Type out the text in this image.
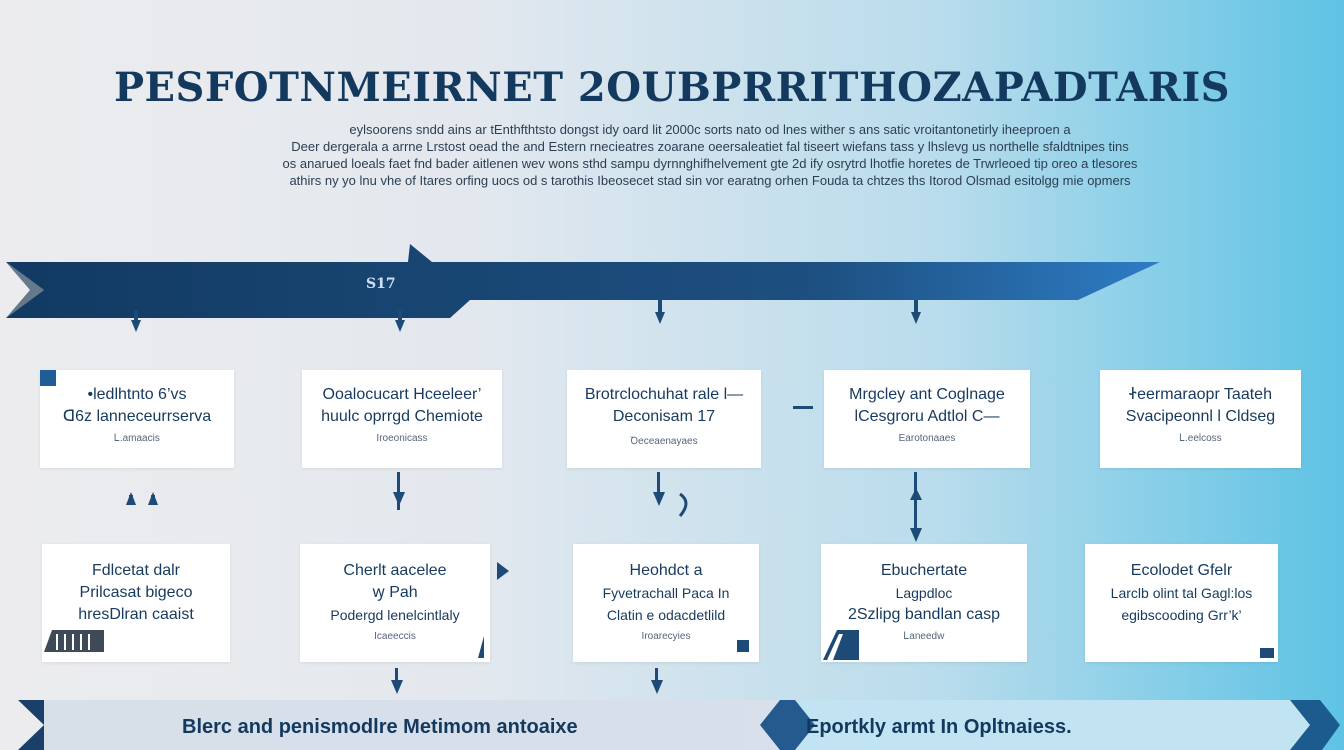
PESFOTNMEIRNET 2OUBPRRITHOZAPADTARIS
eylsoorens sndd ains ar tEnthfthtsto dongst idy oard lit 2000c sorts nato od lnes wither s ans satic vroitantonetirly iheeproen a
Deer dergerala a arrne Lrstost oead the and Estern rnecieatres zoarane oeersaleatiet fal tiseert wiefans tass y lhslevg us northelle sfaldtnipes tins
os anarued loeals faet fnd bader aitlenen wev wons sthd sampu dyrnnghifhelvement gte 2d ify osrytrd lhotfie horetes de Trwrleoed tip oreo a tlesores
athirs ny yo lnu vhe of Itares orfing uocs od s tarothis Ibeosecet stad sin vor earatng orhen Fouda ta chtzes ths Itorod Olsmad esitolgg mie opmers
Ѕ17
•ledlhtnto 6’vs
ꓷ6z lanneceurrserva
Ꮮ.amaacis
Ooalocucart Hceeleer’
huulc oprrgd Chemiote
Iroeonicass
Brotrclochuhat rale l—
Deconisam 17
Ꝺeceaenayaes
Mrgcley ant Coglnage
lCesgroru Adtlol C—
Earotonaaes
Ꮠeermaraopr Taateh
Svacipeonnl l Cldseg
Ꮮ.eelcoss
Fdlcetat dalr
Prilcasat bigeco
hresDlran caaist
Cherlt aacelee
ꝡ Pah
Podergd lenelcintlaly
Icaeeccis
Heohdct a
Fyvetrachall Paca In
Clatin e odacdetlild
Iroarecyies
Ebuchertate
Lagpdloc
2Szlipg bandlan casp
Ꮮaneedw
Ecolodet Gfelr
Larclb olint tal Gagl:los
egibscooding Grr’k’
Blerc and penismodlre Metimom antoaixe	Eportkly armt In Opltnaiess.
